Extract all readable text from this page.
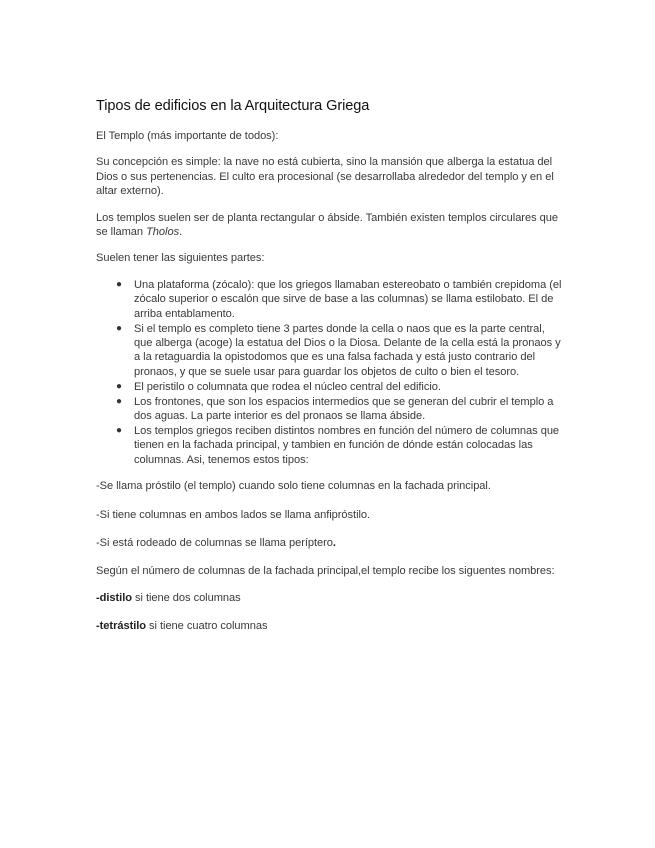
Tipos de edificios en la Arquitectura Griega

El Templo (más importante de todos):

Su concepción es simple: la nave no está cubierta, sino la mansión que alberga la estatua del Dios o sus pertenencias. El culto era procesional (se desarrollaba alrededor del templo y en el altar externo).

Los templos suelen ser de planta rectangular o ábside. También existen templos circulares que se llaman Tholos.

Suelen tener las siguientes partes:

● Una plataforma (zócalo): que los griegos llamaban estereobato o también crepidoma (el zócalo superior o escalón que sirve de base a las columnas) se llama estilobato. El de arriba entablamento.
● Si el templo es completo tiene 3 partes donde la cella o naos que es la parte central, que alberga (acoge) la estatua del Dios o la Diosa. Delante de la cella está la pronaos y a la retaguardia la opistodomos que es una falsa fachada y está justo contrario del pronaos, y que se suele usar para guardar los objetos de culto o bien el tesoro.
● El peristilo o columnata que rodea el núcleo central del edificio.
● Los frontones, que son los espacios intermedios que se generan del cubrir el templo a dos aguas. La parte interior es del pronaos se llama ábside.
● Los templos griegos reciben distintos nombres en función del número de columnas que tienen en la fachada principal, y tambien en función de dónde están colocadas las columnas. Asi, tenemos estos tipos:

-Se llama próstilo (el templo) cuando solo tiene columnas en la fachada principal.

-Si tiene columnas en ambos lados se llama anfipróstilo.

-Si está rodeado de columnas se llama períptero.

Según el número de columnas de la fachada principal,el templo recibe los siguentes nombres:

-distilo si tiene dos columnas

-tetrástilo si tiene cuatro columnas
